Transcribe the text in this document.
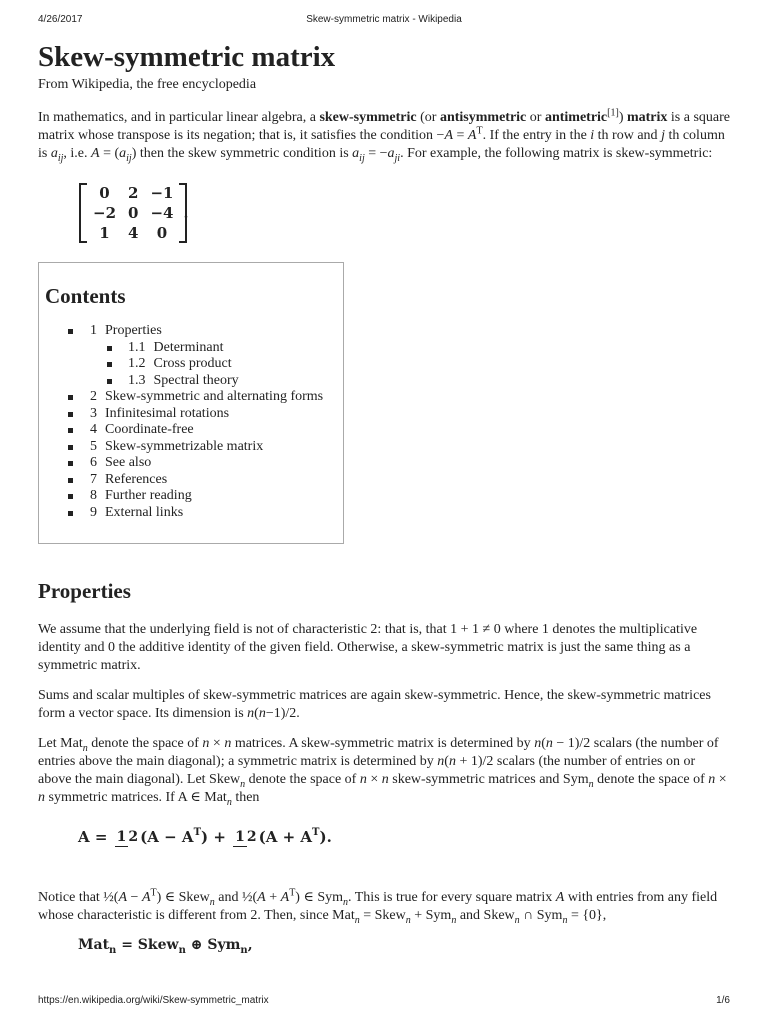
4/26/2017	Skew-symmetric matrix - Wikipedia
Skew-symmetric matrix
From Wikipedia, the free encyclopedia

In mathematics, and in particular linear algebra, a skew-symmetric (or antisymmetric or antimetric[1]) matrix is a square matrix whose transpose is its negation; that is, it satisfies the condition $-A = A^T$. If the entry in the i th row and j th column is $a_{ij}$, i.e. $A = (a_{ij})$ then the skew symmetric condition is $a_{ij} = -a_{ji}$. For example, the following matrix is skew-symmetric:

0	2	−1
−2	0	−4
1	4	0
.
Contents
1 Properties
1.1 Determinant
1.2 Cross product
1.3 Spectral theory
2 Skew-symmetric and alternating forms
3 Infinitesimal rotations
4 Coordinate-free
5 Skew-symmetrizable matrix
6 See also
7 References
8 Further reading
9 External links
Properties

We assume that the underlying field is not of characteristic 2: that is, that 1 + 1 ≠ 0 where 1 denotes the multiplicative identity and 0 the additive identity of the given field. Otherwise, a skew-symmetric matrix is just the same thing as a symmetric matrix.

Sums and scalar multiples of skew-symmetric matrices are again skew-symmetric. Hence, the skew-symmetric matrices form a vector space. Its dimension is n(n−1)/2.

Let Mat$_n$ denote the space of n × n matrices. A skew-symmetric matrix is determined by n(n − 1)/2 scalars (the number of entries above the main diagonal); a symmetric matrix is determined by n(n + 1)/2 scalars (the number of entries on or above the main diagonal). Let Skew$_n$ denote the space of n × n skew-symmetric matrices and Sym$_n$ denote the space of n × n symmetric matrices. If A ∈ Mat$_n$ then

A = 1 2 $(A - A^T) + 1$ 2 $(A + A^T)$.

Notice that ½(A − $A^T$) ∈ Skew$_n$ and ½(A + $A^T$) ∈ Sym$_n$. This is true for every square matrix A with entries from any field whose characteristic is different from 2. Then, since Mat$_n$ = Skew$_n$ + Sym$_n$ and Skew$_n$ ∩ Sym$_n$ = {0},

Mat$_n$ = Skew$_n$ ⊕ Sym$_n$,
https://en.wikipedia.org/wiki/Skew-symmetric_matrix	1/6
